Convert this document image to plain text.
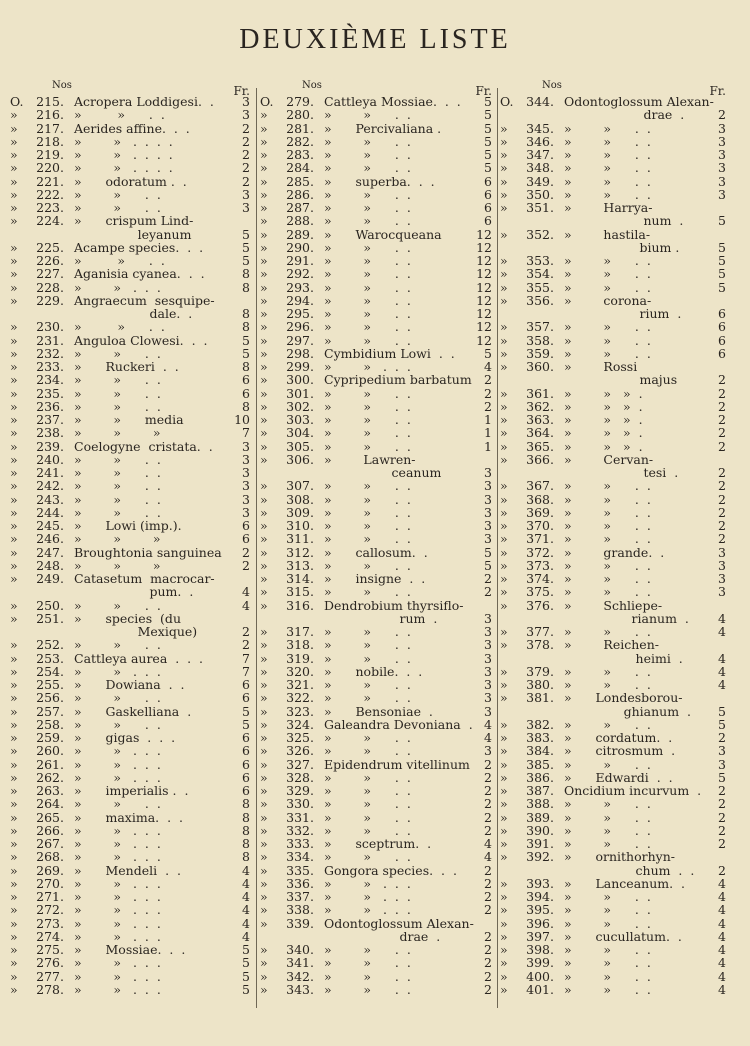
DEUXIÈME LISTE
Nos	Fr.
O.	215. Acropera Loddigesi.  . 3
»	216. »         »      .  .	3
»	217. Aerides affine.  .  .	2
»	218. »        »   .  .  .  .	2
»	219. »        »   .  .  .  .	2
»	220. »        »   .  .  .  .	2
»	221. »      odoratum .  .	2
»	222. »        »      .  .	3
»	223. »        »      .  .	3
»	224. »      crispum Lind-
leyanum	5
»	225. Acampe species.  .  .	5
»	226. »         »      .  .	5
»	227. Aganisia cyanea.  .  .	8
»	228. »        »   .  .  .	8
»	229. Angraecum  sesquipe-
dale.  .	8
»	230. »         »      .  .	8
»	231. Anguloa Clowesi.  .  .	5
»	232. »        »      .  .	5
»	233. »      Ruckeri  .  .	8
»	234. »        »      .  .	6
»	235. »        »      .  .	6
»	236. »        »      .  .	8
»	237. »        »      media	10
»	238. »        »        »	7
»	239. Coelogyne  cristata.  . 3
»	240. »        »      .  .	3
»	241. »        »      .  .	3
»	242. »        »      .  .	3
»	243. »        »      .  .	3
»	244. »        »      .  .	3
»	245. »      Lowi (imp.).	6
»	246. »        »        »	6
»	247. Broughtonia sanguinea 2
»	248. »        »        »	2
»	249. Catasetum  macrocar-
pum.  .	4
»	250. »        »      .  .	4
»	251. »      species  (du
Mexique)	2
»	252. »        »      .  .	2
»	253. Cattleya aurea  .  .  .	7
»	254. »        »   .  .  .	7
»	255. »      Dowiana  .  .	6
»	256. »        »      .  .	6
»	257. »      Gaskelliana  .	5
»	258. »        »      .  .	5
»	259. »      gigas  .  .  .	6
»	260. »        »   .  .  .	6
»	261. »        »   .  .  .	6
»	262. »        »   .  .  .	6
»	263. »      imperialis .  .	6
»	264. »        »      .  .	8
»	265. »      maxima.  .  .	8
»	266. »        »   .  .  .	8
»	267. »        »   .  .  .	8
»	268. »        »   .  .  .	8
»	269. »      Mendeli  .  .	4
»	270. »        »   .  .  .	4
»	271. »        »   .  .  .	4
»	272. »        »   .  .  .	4
»	273. »        »   .  .  .	4
»	274. »        »   .  .  .	4
»	275. »      Mossiae.  .  .	5
»	276. »        »   .  .  .	5
»	277. »        »   .  .  .	5
»	278. »        »   .  .  .	5
Nos	Fr.
O.	279. Cattleya Mossiae.  .  . 5
»	280. »        »      .  .	5
»	281. »      Percivaliana .	5
»	282. »        »      .  .	5
»	283. »        »      .  .	5
»	284. »        »      .  .	5
»	285. »      superba.  .  .	6
»	286. »        »      .  .	6
»	287. »        »      .  .	6
»	288. »        »      .  .	6
»	289. »      Warocqueana	12
»	290. »        »      .  .	12
»	291. »        »      .  .	12
»	292. »        »      .  .	12
»	293. »        »      .  .	12
»	294. »        »      .  .	12
»	295. »        »      .  .	12
»	296. »        »      .  .	12
»	297. »        »      .  .	12
»	298. Cymbidium Lowi  .  . 5
»	299. »        »   .  .  .	4
»	300. Cypripedium barbatum 2
»	301. »        »      .  .	2
»	302. »        »      .  .	2
»	303. »        »      .  .	1
»	304. »        »      .  .	1
»	305. »        »      .  .	1
»	306. »        Lawren-
ceanum	3
»	307. »        »      .  .	3
»	308. »        »      .  .	3
»	309. »        »      .  .	3
»	310. »        »      .  .	3
»	311. »        »      .  .	3
»	312. »      callosum.  .	5
»	313. »        »      .  .	5
»	314. »      insigne  .  .	2
»	315. »        »      .  .	2
»	316. Dendrobium thyrsiflo-
rum  .	3
»	317. »        »      .  .	3
»	318. »        »      .  .	3
»	319. »        »      .  .	3
»	320. »      nobile.  .  .	3
»	321. »        »      .  .	3
»	322. »        »      .  .	3
»	323. »      Bensoniae  .	3
»	324. Galeandra Devoniana  . 4
»	325. »        »      .  .	4
»	326. »        »      .  .	3
»	327. Epidendrum vitellinum 2
»	328. »        »      .  .	2
»	329. »        »      .  .	2
»	330. »        »      .  .	2
»	331. »        »      .  .	2
»	332. »        »      .  .	2
»	333. »      sceptrum.  .	4
»	334. »        »      .  .	4
»	335. Gongora species.  .  . 2
»	336. »        »   .  .  .	2
»	337. »        »   .  .  .	2
»	338. »        »   .  .  .	2
»	339. Odontoglossum Alexan-
drae  .	2
»	340. »        »      .  .	2
»	341. »        »      .  .	2
»	342. »        »      .  .	2
»	343. »        »      .  .	2
Nos	Fr.
O.	344. Odontoglossum Alexan-
drae  .	2
»	345. »        »      .  .	3
»	346. »        »      .  .	3
»	347. »        »      .  .	3
»	348. »        »      .  .	3
»	349. »        »      .  .	3
»	350. »        »      .  .	3
»	351. »        Harrya-
num  .	5
»	352. »        hastila-
bium .	5
»	353. »        »      .  .	5
»	354. »        »      .  .	5
»	355. »        »      .  .	5
»	356. »        corona-
rium  .	6
»	357. »        »      .  .	6
»	358. »        »      .  .	6
»	359. »        »      .  .	6
»	360. »        Rossi
majus	2
»	361. »        »   »  .	2
»	362. »        »   »  .	2
»	363. »        »   »  .	2
»	364. »        »   »  .	2
»	365. »        »   »  .	2
»	366. »        Cervan-
tesi  .	2
»	367. »        »      .  .	2
»	368. »        »      .  .	2
»	369. »        »      .  .	2
»	370. »        »      .  .	2
»	371. »        »      .  .	2
»	372. »        grande.  .	3
»	373. »        »      .  .	3
»	374. »        »      .  .	3
»	375. »        »      .  .	3
»	376. »        Schliepe-
rianum  . 4
»	377. »        »      .  .	4
»	378. »        Reichen-
heimi  .	4
»	379. »        »      .  .	4
»	380. »        »      .  .	4
»	381. »      Londesborou-
ghianum  . 5
»	382. »        »      .  .	5
»	383. »      cordatum.  .	2
»	384. »      citrosmum  .	3
»	385. »        »      .  .	3
»	386. »      Edwardi  .  .	5
»	387. Oncidium incurvum  . 2
»	388. »        »      .  .	2
»	389. »        »      .  .	2
»	390. »        »      .  .	2
»	391. »        »      .  .	2
»	392. »      ornithorhyn-
chum  .  . 2
»	393. »      Lanceanum.  .	4
»	394. »        »      .  .	4
»	395. »        »      .  .	4
»	396. »        »      .  .	4
»	397. »      cucullatum.  .	4
»	398. »        »      .  .	4
»	399. »        »      .  .	4
»	400. »        »      .  .	4
»	401. »        »      .  .	4
